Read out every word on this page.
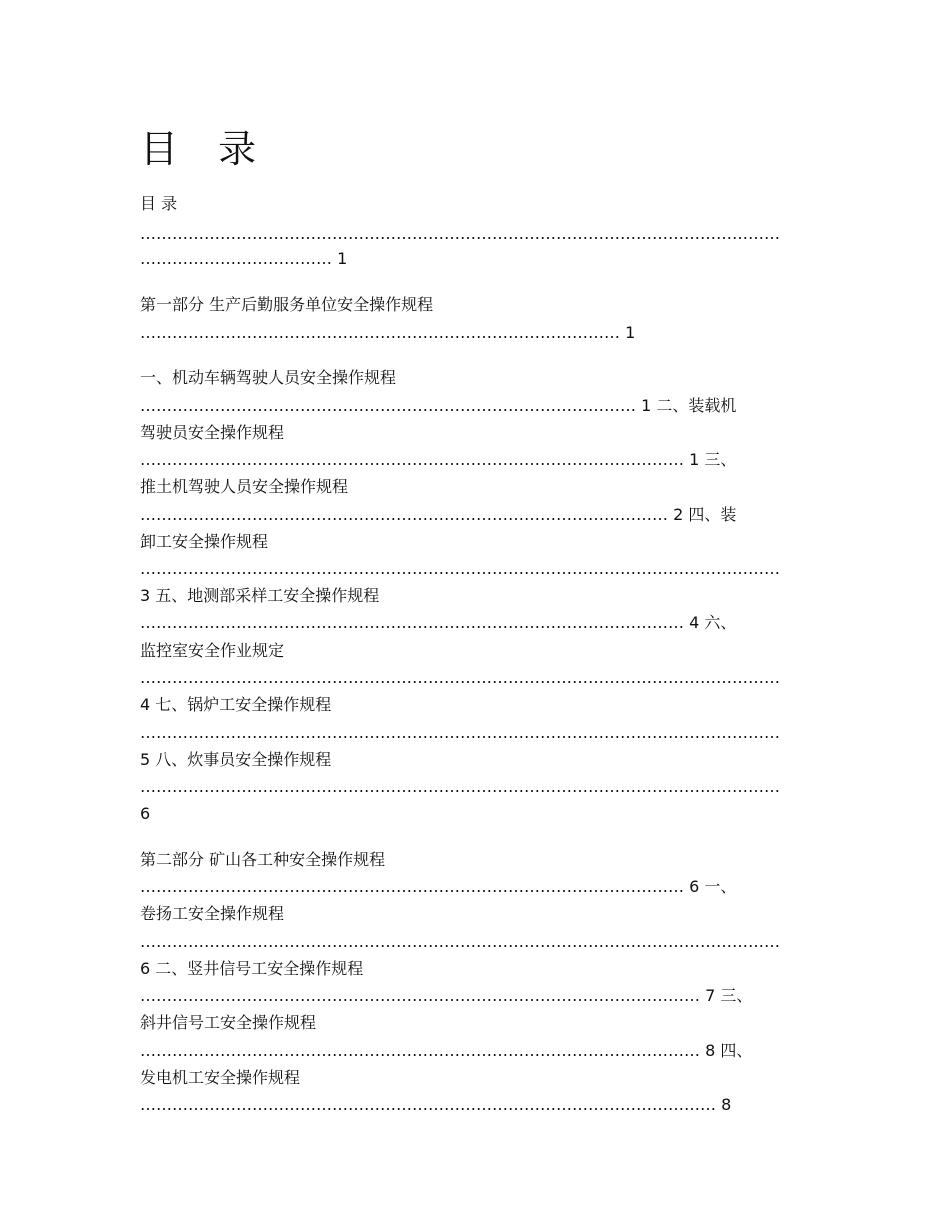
目 录
目 录
…………………………………………………………………………………………………………
……………………………… 1
第一部分 生产后勤服务单位安全操作规程
……………………………………………………………………………… 1
一、机动车辆驾驶人员安全操作规程
………………………………………………………………………………… 1 二、装载机
驾驶员安全操作规程
………………………………………………………………………………………… 1 三、
推土机驾驶人员安全操作规程
……………………………………………………………………………………… 2 四、装
卸工安全操作规程
…………………………………………………………………………………………………………
3 五、地测部采样工安全操作规程
………………………………………………………………………………………… 4 六、
监控室安全作业规定
…………………………………………………………………………………………………………
4 七、锅炉工安全操作规程
…………………………………………………………………………………………………………
5 八、炊事员安全操作规程
…………………………………………………………………………………………………………
6
第二部分 矿山各工种安全操作规程
………………………………………………………………………………………… 6 一、
卷扬工安全操作规程
…………………………………………………………………………………………………………
6 二、竖井信号工安全操作规程
…………………………………………………………………………………………… 7 三、
斜井信号工安全操作规程
…………………………………………………………………………………………… 8 四、
发电机工安全操作规程
……………………………………………………………………………………………… 8
